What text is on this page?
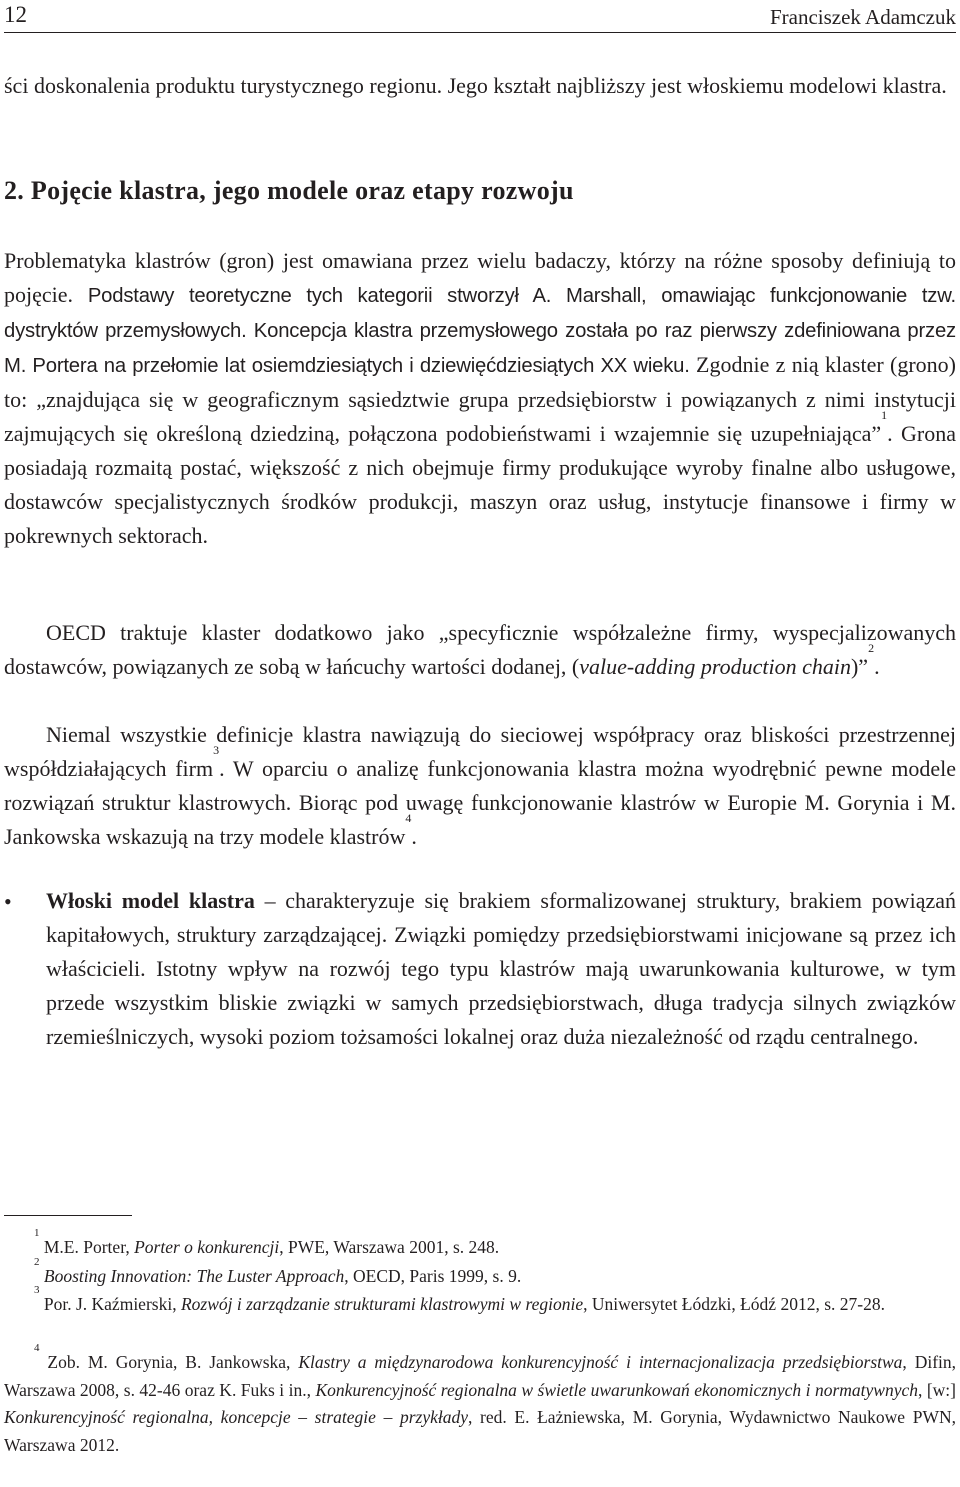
12	Franciszek Adamczuk

ści doskonalenia produktu turystycznego regionu. Jego kształt najbliższy jest włoskiemu modelowi klastra.

2. Pojęcie klastra, jego modele oraz etapy rozwoju

Problematyka klastrów (gron) jest omawiana przez wielu badaczy, którzy na różne sposoby definiują to pojęcie. Podstawy teoretyczne tych kategorii stworzył A. Marshall, omawiając funkcjonowanie tzw. dystryktów przemysłowych. Koncepcja klastra przemysłowego została po raz pierwszy zdefiniowana przez M. Portera na przełomie lat osiemdziesiątych i dziewięćdziesiątych XX wieku. Zgodnie z nią klaster (grono) to: „znajdująca się w geograficznym sąsiedztwie grupa przedsiębiorstw i powiązanych z nimi instytucji zajmujących się określoną dziedziną, połączona podobieństwami i wzajemnie się uzupełniająca”$^1$. Grona posiadają rozmaitą postać, większość z nich obejmuje firmy produkujące wyroby finalne albo usługowe, dostawców specjalistycznych środków produkcji, maszyn oraz usług, instytucje finansowe i firmy w pokrewnych sektorach.

OECD traktuje klaster dodatkowo jako „specyficznie współzależne firmy, wyspecjalizowanych dostawców, powiązanych ze sobą w łańcuchy wartości dodanej, (value-adding production chain)”$^2$.

Niemal wszystkie definicje klastra nawiązują do sieciowej współpracy oraz bliskości przestrzennej współdziałających firm$^3$. W oparciu o analizę funkcjonowania klastra można wyodrębnić pewne modele rozwiązań struktur klastrowych. Biorąc pod uwagę funkcjonowanie klastrów w Europie M. Gorynia i M. Jankowska wskazują na trzy modele klastrów$^4$.

• Włoski model klastra – charakteryzuje się brakiem sformalizowanej struktury, brakiem powiązań kapitałowych, struktury zarządzającej. Związki pomiędzy przedsiębiorstwami inicjowane są przez ich właścicieli. Istotny wpływ na rozwój tego typu klastrów mają uwarunkowania kulturowe, w tym przede wszystkim bliskie związki w samych przedsiębiorstwach, długa tradycja silnych związków rzemieślniczych, wysoki poziom tożsamości lokalnej oraz duża niezależność od rządu centralnego.

$^1$ M.E. Porter, Porter o konkurencji, PWE, Warszawa 2001, s. 248.
$^2$ Boosting Innovation: The Luster Approach, OECD, Paris 1999, s. 9.
$^3$ Por. J. Kaźmierski, Rozwój i zarządzanie strukturami klastrowymi w regionie, Uniwersytet Łódzki, Łódź 2012, s. 27-28.
$^4$ Zob. M. Gorynia, B. Jankowska, Klastry a międzynarodowa konkurencyjność i internacjonalizacja przedsiębiorstwa, Difin, Warszawa 2008, s. 42-46 oraz K. Fuks i in., Konkurencyjność regionalna w świetle uwarunkowań ekonomicznych i normatywnych, [w:] Konkurencyjność regionalna, koncepcje – strategie – przykłady, red. E. Łażniewska, M. Gorynia, Wydawnictwo Naukowe PWN, Warszawa 2012.
